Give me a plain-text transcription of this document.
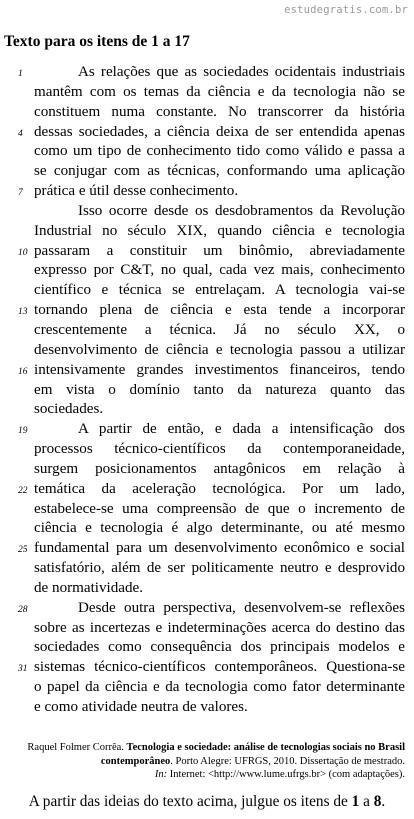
estudegratis.com.br
Texto para os itens de 1 a 17
1	As relações que as sociedades ocidentais industriais
mantêm com os temas da ciência e da tecnologia não se
constituem numa constante. No transcorrer da história
4 dessas sociedades, a ciência deixa de ser entendida apenas
como um tipo de conhecimento tido como válido e passa a
se conjugar com as técnicas, conformando uma aplicação
7 prática e útil desse conhecimento.
Isso ocorre desde os desdobramentos da Revolução
Industrial no século XIX, quando ciência e tecnologia
10 passaram a constituir um binômio, abreviadamente
expresso por C&T, no qual, cada vez mais, conhecimento
científico e técnica se entrelaçam. A tecnologia vai-se
13 tornando plena de ciência e esta tende a incorporar
crescentemente a técnica. Já no século XX, o
desenvolvimento de ciência e tecnologia passou a utilizar
16 intensivamente grandes investimentos financeiros, tendo
em vista o domínio tanto da natureza quanto das
sociedades.
19	A partir de então, e dada a intensificação dos
processos técnico-científicos da contemporaneidade,
surgem posicionamentos antagônicos em relação à
22 temática da aceleração tecnológica. Por um lado,
estabelece-se uma compreensão de que o incremento de
ciência e tecnologia é algo determinante, ou até mesmo
25 fundamental para um desenvolvimento econômico e social
satisfatório, além de ser politicamente neutro e desprovido
de normatividade.
28	Desde outra perspectiva, desenvolvem-se reflexões
sobre as incertezas e indeterminações acerca do destino das
sociedades como consequência dos principais modelos e
31 sistemas técnico-científicos contemporâneos. Questiona-se
o papel da ciência e da tecnologia como fator determinante
e como atividade neutra de valores.
Raquel Folmer Corrêa. Tecnologia e sociedade: análise de tecnologias sociais no Brasil contemporâneo. Porto Alegre: UFRGS, 2010. Dissertação de mestrado.
In: Internet: <http://www.lume.ufrgs.br> (com adaptações).
A partir das ideias do texto acima, julgue os itens de 1 a 8.
